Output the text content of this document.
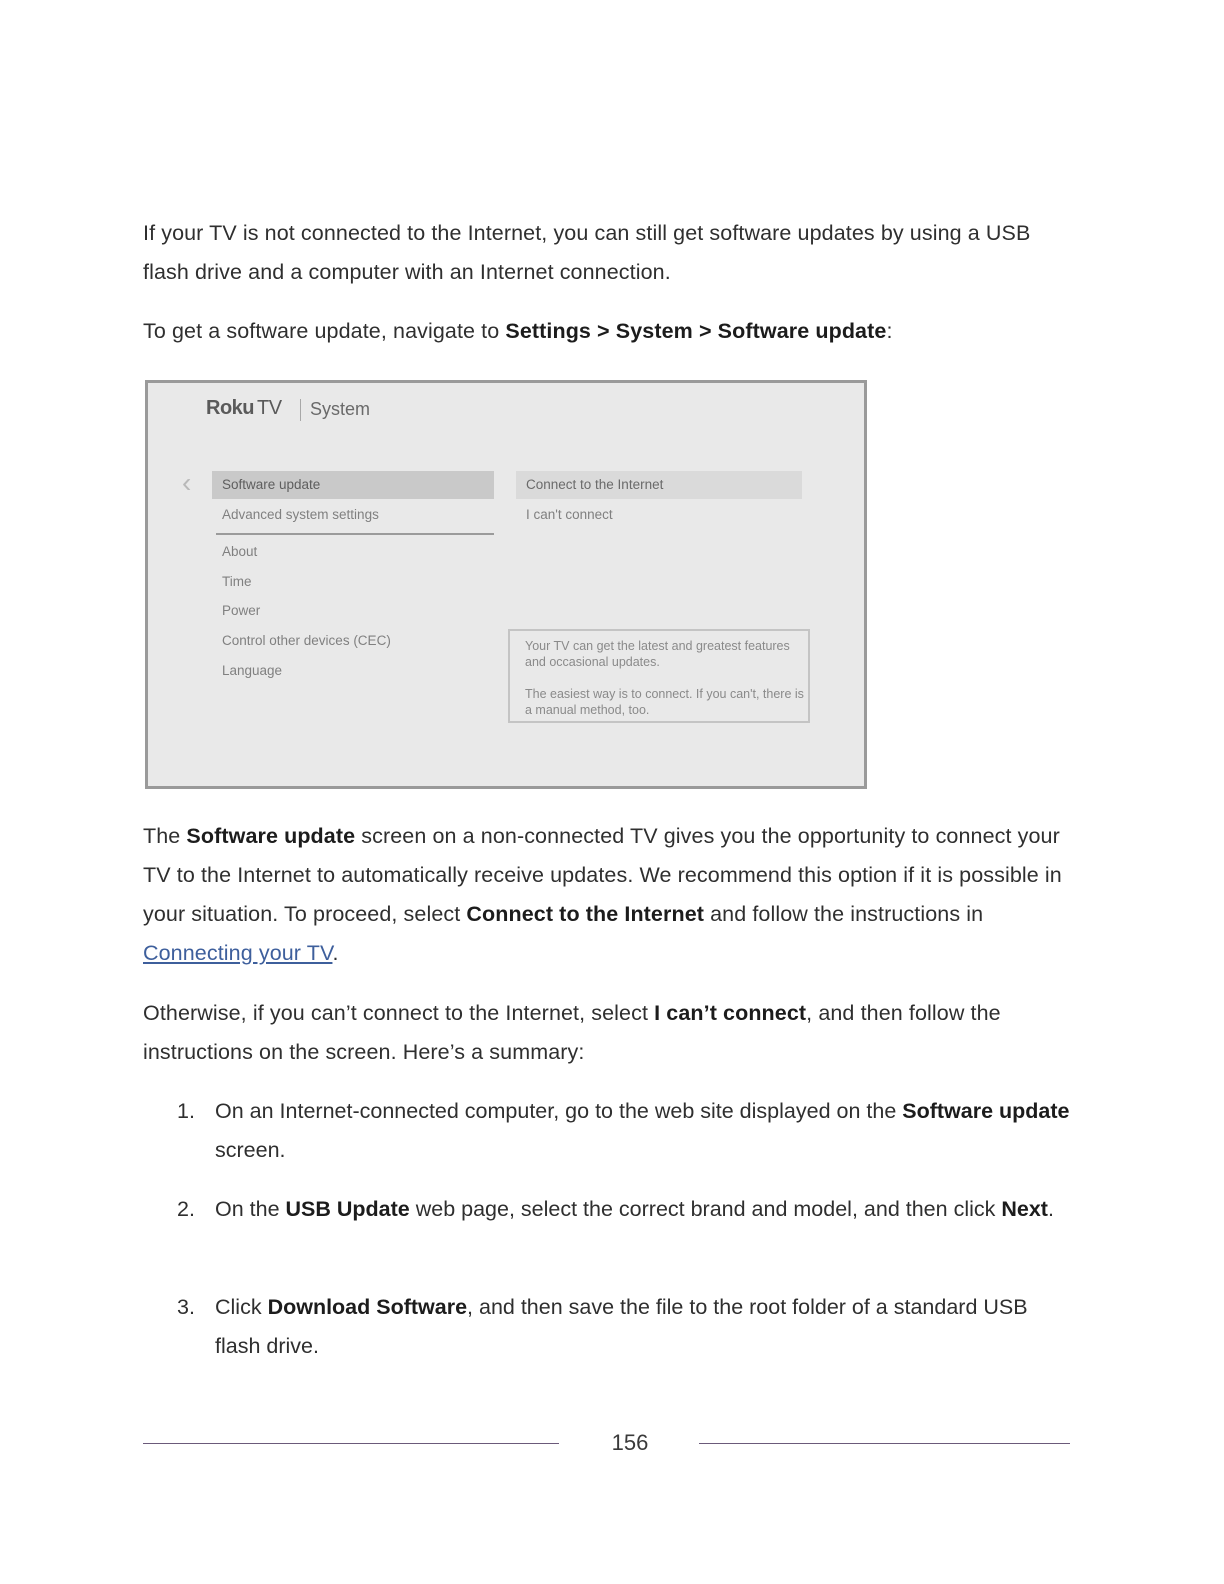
If your TV is not connected to the Internet, you can still get software updates by using a USB flash drive and a computer with an Internet connection.

To get a software update, navigate to Settings > System > Software update:

Roku TV System
‹	Software update
Advanced system settings
About
Time
Power
Control other devices (CEC)
Language
Connect to the Internet
I can't connect

Your TV can get the latest and greatest features and occasional updates.

The easiest way is to connect. If you can't, there is a manual method, too.

The Software update screen on a non-connected TV gives you the opportunity to connect your TV to the Internet to automatically receive updates. We recommend this option if it is possible in your situation. To proceed, select Connect to the Internet and follow the instructions in Connecting your TV.

Otherwise, if you can’t connect to the Internet, select I can’t connect, and then follow the instructions on the screen. Here’s a summary:

1. On an Internet-connected computer, go to the web site displayed on the Software update screen.
2. On the USB Update web page, select the correct brand and model, and then click Next.
3. Click Download Software, and then save the file to the root folder of a standard USB flash drive.
156
